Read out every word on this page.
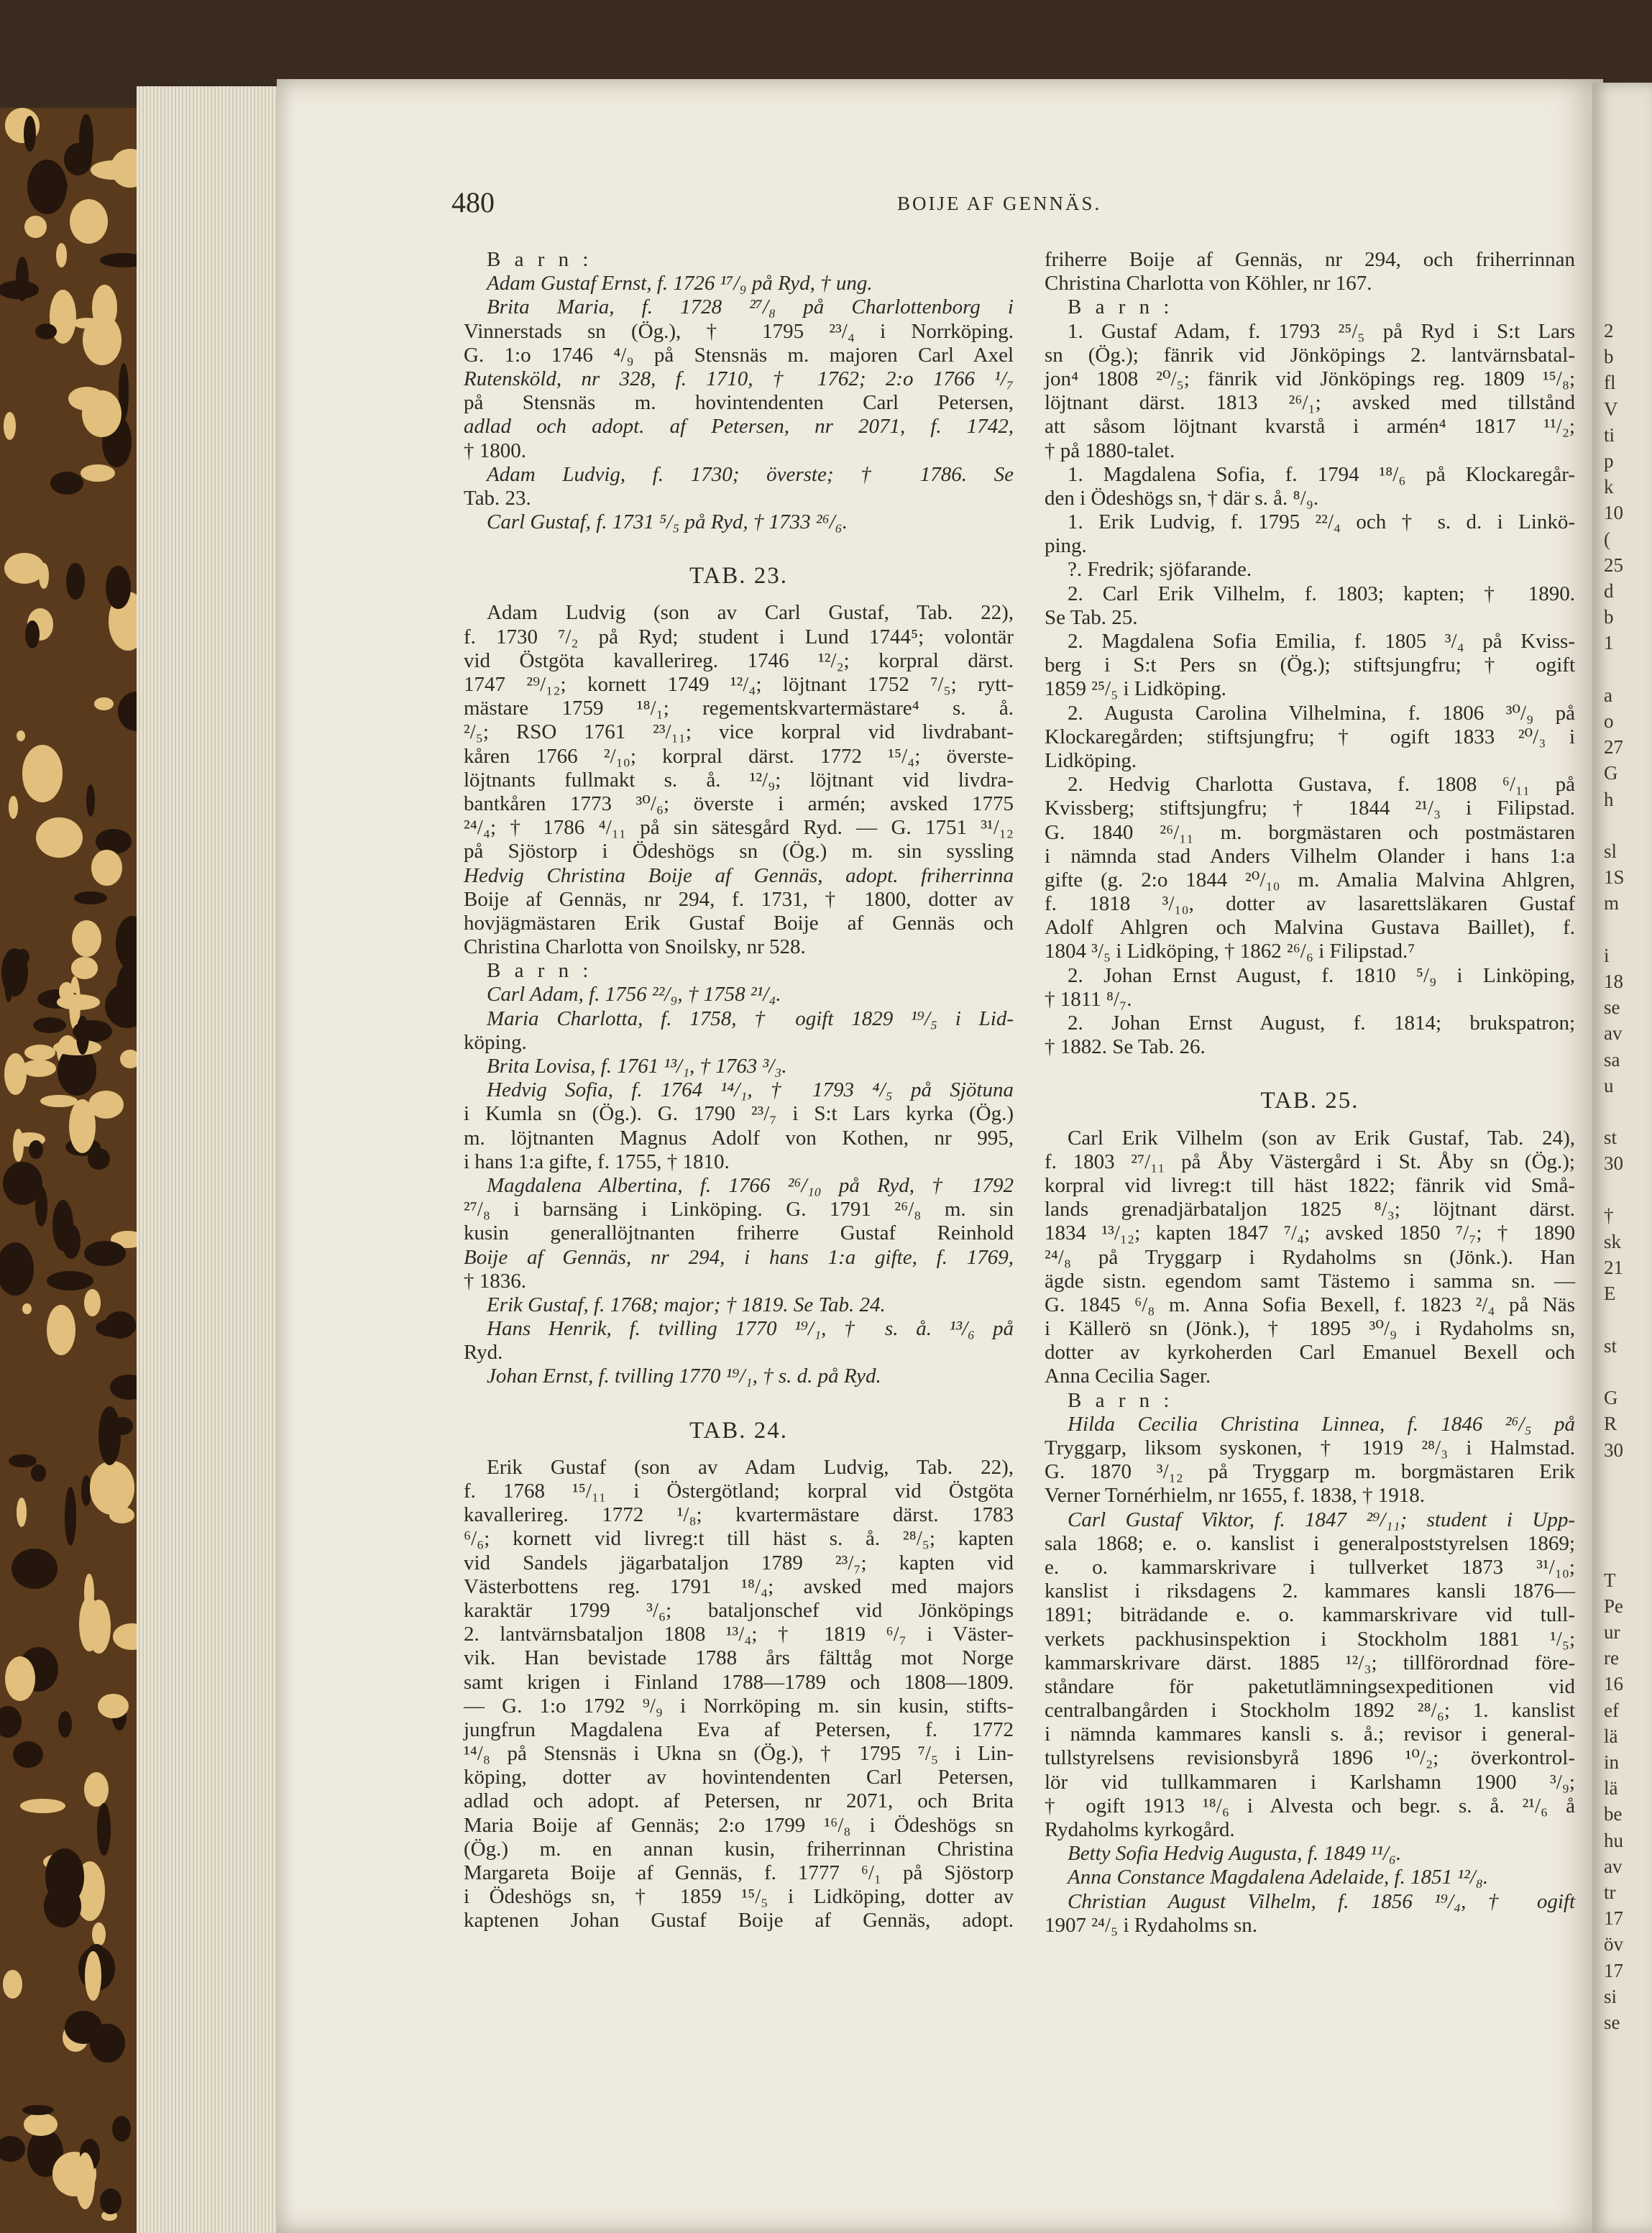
2
b
fl
V
ti
p
k
10
(
25
d
b
1
a
o
27
G
h
sl
1S
m
i
18
se
av
sa
u
st
30
†
sk
21
E
st
G
R
30
T
Pe
ur
re
16
ef
lä
in
lä
be
hu
av
tr
17
öv
17
si
se
480	BOIJE AF GENNÄS.
B a r n :
Adam Gustaf Ernst, f. 1726 ¹⁷/₉ på Ryd, † ung.
Brita Maria, f. 1728 ²⁷/₈ på Charlottenborg i
Vinnerstads sn (Ög.), † 1795 ²³/₄ i Norrköping.
G. 1:o 1746 ⁴/₉ på Stensnäs m. majoren Carl Axel
Rutensköld, nr 328, f. 1710, † 1762; 2:o 1766 ¹/₇
på Stensnäs m. hovintendenten Carl Petersen,
adlad och adopt. af Petersen, nr 2071, f. 1742,
† 1800.
Adam Ludvig, f. 1730; överste; † 1786. Se
Tab. 23.
Carl Gustaf, f. 1731 ⁵/₅ på Ryd, † 1733 ²⁶/₆.
TAB. 23.
Adam Ludvig (son av Carl Gustaf, Tab. 22),
f. 1730 ⁷/₂ på Ryd; student i Lund 1744⁵; volontär
vid Östgöta kavallerireg. 1746 ¹²/₂; korpral därst.
1747 ²⁹/₁₂; kornett 1749 ¹²/₄; löjtnant 1752 ⁷/₅; rytt-
mästare 1759 ¹⁸/₁; regementskvartermästare⁴ s. å.
²/₅; RSO 1761 ²³/₁₁; vice korpral vid livdrabant-
kåren 1766 ²/₁₀; korpral därst. 1772 ¹⁵/₄; överste-
löjtnants fullmakt s. å. ¹²/₉; löjtnant vid livdra-
bantkåren 1773 ³⁰/₆; överste i armén; avsked 1775
²⁴/₄; † 1786 ⁴/₁₁ på sin sätesgård Ryd. — G. 1751 ³¹/₁₂
på Sjöstorp i Ödeshögs sn (Ög.) m. sin syssling
Hedvig Christina Boije af Gennäs, adopt. friherrinna
Boije af Gennäs, nr 294, f. 1731, † 1800, dotter av
hovjägmästaren Erik Gustaf Boije af Gennäs och
Christina Charlotta von Snoilsky, nr 528.
B a r n :
Carl Adam, f. 1756 ²²/₉, † 1758 ²¹/₄.
Maria Charlotta, f. 1758, † ogift 1829 ¹⁹/₅ i Lid-
köping.
Brita Lovisa, f. 1761 ¹³/₁, † 1763 ³/₃.
Hedvig Sofia, f. 1764 ¹⁴/₁, † 1793 ⁴/₅ på Sjötuna
i Kumla sn (Ög.). G. 1790 ²³/₇ i S:t Lars kyrka (Ög.)
m. löjtnanten Magnus Adolf von Kothen, nr 995,
i hans 1:a gifte, f. 1755, † 1810.
Magdalena Albertina, f. 1766 ²⁶/₁₀ på Ryd, † 1792
²⁷/₈ i barnsäng i Linköping. G. 1791 ²⁶/₈ m. sin
kusin generallöjtnanten friherre Gustaf Reinhold
Boije af Gennäs, nr 294, i hans 1:a gifte, f. 1769,
† 1836.
Erik Gustaf, f. 1768; major; † 1819. Se Tab. 24.
Hans Henrik, f. tvilling 1770 ¹⁹/₁, † s. å. ¹³/₆ på
Ryd.
Johan Ernst, f. tvilling 1770 ¹⁹/₁, † s. d. på Ryd.
TAB. 24.
Erik Gustaf (son av Adam Ludvig, Tab. 22),
f. 1768 ¹⁵/₁₁ i Östergötland; korpral vid Östgöta
kavallerireg. 1772 ¹/₈; kvartermästare därst. 1783
⁶/₆; kornett vid livreg:t till häst s. å. ²⁸/₅; kapten
vid Sandels jägarbataljon 1789 ²³/₇; kapten vid
Västerbottens reg. 1791 ¹⁸/₄; avsked med majors
karaktär 1799 ³/₆; bataljonschef vid Jönköpings
2. lantvärnsbataljon 1808 ¹³/₄; † 1819 ⁶/₇ i Väster-
vik. Han bevistade 1788 års fälttåg mot Norge
samt krigen i Finland 1788—1789 och 1808—1809.
— G. 1:o 1792 ⁹/₉ i Norrköping m. sin kusin, stifts-
jungfrun Magdalena Eva af Petersen, f. 1772
¹⁴/₈ på Stensnäs i Ukna sn (Ög.), † 1795 ⁷/₅ i Lin-
köping, dotter av hovintendenten Carl Petersen,
adlad och adopt. af Petersen, nr 2071, och Brita
Maria Boije af Gennäs; 2:o 1799 ¹⁶/₈ i Ödeshögs sn
(Ög.) m. en annan kusin, friherrinnan Christina
Margareta Boije af Gennäs, f. 1777 ⁶/₁ på Sjöstorp
i Ödeshögs sn, † 1859 ¹⁵/₅ i Lidköping, dotter av
kaptenen Johan Gustaf Boije af Gennäs, adopt.
friherre Boije af Gennäs, nr 294, och friherrinnan
Christina Charlotta von Köhler, nr 167.
B a r n :
1. Gustaf Adam, f. 1793 ²⁵/₅ på Ryd i S:t Lars
sn (Ög.); fänrik vid Jönköpings 2. lantvärnsbatal-
jon⁴ 1808 ²⁰/₅; fänrik vid Jönköpings reg. 1809 ¹⁵/₈;
löjtnant därst. 1813 ²⁶/₁; avsked med tillstånd
att såsom löjtnant kvarstå i armén⁴ 1817 ¹¹/₂;
† på 1880-talet.
1. Magdalena Sofia, f. 1794 ¹⁸/₆ på Klockaregår-
den i Ödeshögs sn, † där s. å. ⁸/₉.
1. Erik Ludvig, f. 1795 ²²/₄ och † s. d. i Linkö-
ping.
?. Fredrik; sjöfarande.
2. Carl Erik Vilhelm, f. 1803; kapten; † 1890.
Se Tab. 25.
2. Magdalena Sofia Emilia, f. 1805 ³/₄ på Kviss-
berg i S:t Pers sn (Ög.); stiftsjungfru; † ogift
1859 ²⁵/₅ i Lidköping.
2. Augusta Carolina Vilhelmina, f. 1806 ³⁰/₉ på
Klockaregården; stiftsjungfru; † ogift 1833 ²⁰/₃ i
Lidköping.
2. Hedvig Charlotta Gustava, f. 1808 ⁶/₁₁ på
Kvissberg; stiftsjungfru; † 1844 ²¹/₃ i Filipstad.
G. 1840 ²⁶/₁₁ m. borgmästaren och postmästaren
i nämnda stad Anders Vilhelm Olander i hans 1:a
gifte (g. 2:o 1844 ²⁰/₁₀ m. Amalia Malvina Ahlgren,
f. 1818 ³/₁₀, dotter av lasarettsläkaren Gustaf
Adolf Ahlgren och Malvina Gustava Baillet), f.
1804 ³/₅ i Lidköping, † 1862 ²⁶/₆ i Filipstad.⁷
2. Johan Ernst August, f. 1810 ⁵/₉ i Linköping,
† 1811 ⁸/₇.
2. Johan Ernst August, f. 1814; brukspatron;
† 1882. Se Tab. 26.
TAB. 25.
Carl Erik Vilhelm (son av Erik Gustaf, Tab. 24),
f. 1803 ²⁷/₁₁ på Åby Västergård i St. Åby sn (Ög.);
korpral vid livreg:t till häst 1822; fänrik vid Små-
lands grenadjärbataljon 1825 ⁸/₃; löjtnant därst.
1834 ¹³/₁₂; kapten 1847 ⁷/₄; avsked 1850 ⁷/₇; † 1890
²⁴/₈ på Tryggarp i Rydaholms sn (Jönk.). Han
ägde sistn. egendom samt Tästemo i samma sn. —
G. 1845 ⁶/₈ m. Anna Sofia Bexell, f. 1823 ²/₄ på Näs
i Källerö sn (Jönk.), † 1895 ³⁰/₉ i Rydaholms sn,
dotter av kyrkoherden Carl Emanuel Bexell och
Anna Cecilia Sager.
B a r n :
Hilda Cecilia Christina Linnea, f. 1846 ²⁶/₅ på
Tryggarp, liksom syskonen, † 1919 ²⁸/₃ i Halmstad.
G. 1870 ³/₁₂ på Tryggarp m. borgmästaren Erik
Verner Tornérhielm, nr 1655, f. 1838, † 1918.
Carl Gustaf Viktor, f. 1847 ²⁹/₁₁; student i Upp-
sala 1868; e. o. kanslist i generalpoststyrelsen 1869;
e. o. kammarskrivare i tullverket 1873 ³¹/₁₀;
kanslist i riksdagens 2. kammares kansli 1876—
1891; biträdande e. o. kammarskrivare vid tull-
verkets packhusinspektion i Stockholm 1881 ¹/₅;
kammarskrivare därst. 1885 ¹²/₃; tillförordnad före-
ståndare för paketutlämningsexpeditionen vid
centralbangården i Stockholm 1892 ²⁸/₆; 1. kanslist
i nämnda kammares kansli s. å.; revisor i general-
tullstyrelsens revisionsbyrå 1896 ¹⁰/₂; överkontrol-
lör vid tullkammaren i Karlshamn 1900 ³/₉;
† ogift 1913 ¹⁸/₆ i Alvesta och begr. s. å. ²¹/₆ å
Rydaholms kyrkogård.
Betty Sofia Hedvig Augusta, f. 1849 ¹¹/₆.
Anna Constance Magdalena Adelaide, f. 1851 ¹²/₈.
Christian August Vilhelm, f. 1856 ¹⁹/₄, † ogift
1907 ²⁴/₅ i Rydaholms sn.
